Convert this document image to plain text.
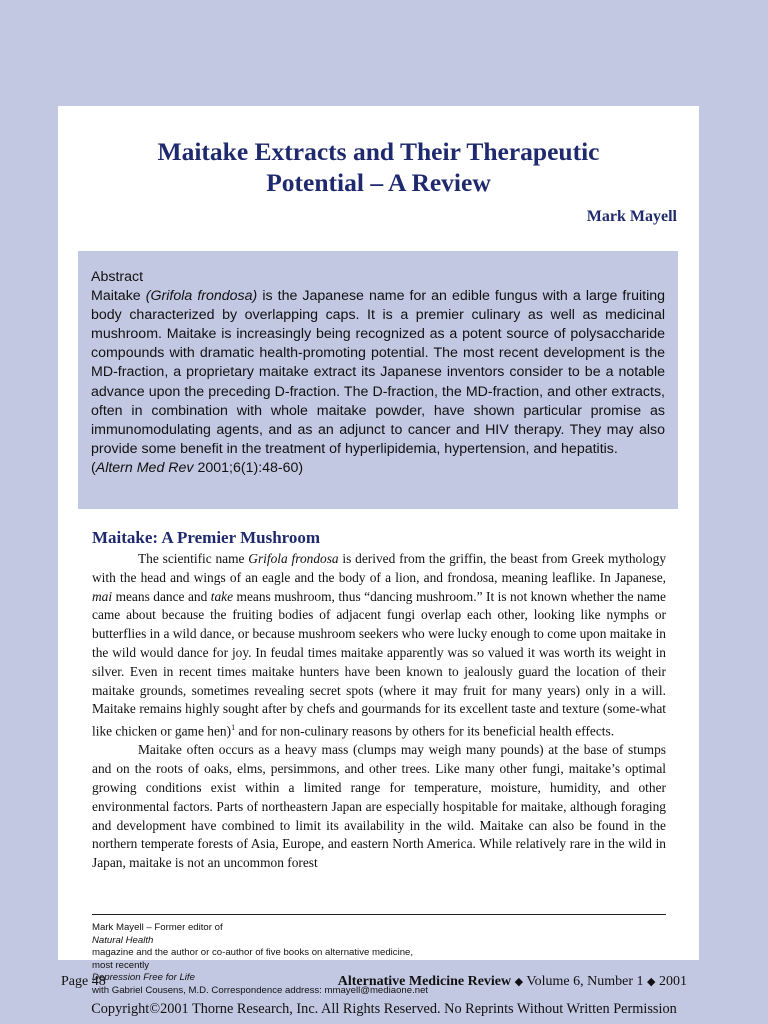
Maitake Extracts and Their Therapeutic
Potential – A Review

Mark Mayell

Abstract
Maitake (Grifola frondosa) is the Japanese name for an edible fungus with a large fruiting body characterized by overlapping caps. It is a premier culinary as well as medicinal mushroom. Maitake is increasingly being recognized as a potent source of polysaccharide compounds with dramatic health-promoting potential. The most recent development is the MD-fraction, a proprietary maitake extract its Japanese inventors consider to be a notable advance upon the preceding D-fraction. The D-fraction, the MD-fraction, and other extracts, often in combination with whole maitake powder, have shown particular promise as immunomodulating agents, and as an adjunct to cancer and HIV therapy. They may also provide some benefit in the treatment of hyperlipidemia, hypertension, and hepatitis.
(Altern Med Rev 2001;6(1):48-60)
Maitake: A Premier Mushroom

The scientific name Grifola frondosa is derived from the griffin, the beast from Greek mythology with the head and wings of an eagle and the body of a lion, and frondosa, meaning leaflike. In Japanese, mai means dance and take means mushroom, thus “dancing mushroom.” It is not known whether the name came about because the fruiting bodies of adjacent fungi overlap each other, looking like nymphs or butterflies in a wild dance, or because mushroom seekers who were lucky enough to come upon maitake in the wild would dance for joy. In feudal times maitake apparently was so valued it was worth its weight in silver. Even in recent times maitake hunters have been known to jealously guard the location of their maitake grounds, sometimes revealing secret spots (where it may fruit for many years) only in a will. Maitake remains highly sought after by chefs and gourmands for its excellent taste and texture (some-what like chicken or game hen)$^1$ and for non-culinary reasons by others for its beneficial health effects.

Maitake often occurs as a heavy mass (clumps may weigh many pounds) at the base of stumps and on the roots of oaks, elms, persimmons, and other trees. Like many other fungi, maitake’s optimal growing conditions exist within a limited range for temperature, moisture, humidity, and other environmental factors. Parts of northeastern Japan are especially hospitable for maitake, although foraging and development have combined to limit its availability in the wild. Maitake can also be found in the northern temperate forests of Asia, Europe, and eastern North America. While relatively rare in the wild in Japan, maitake is not an uncommon forest

Mark Mayell – Former editor of
Natural Health
magazine and the author or co-author of five books on alternative medicine,
most recently
Depression Free for Life
with Gabriel Cousens, M.D. Correspondence address: mmayell@mediaone.net
Page 48	Alternative Medicine Review ◆ Volume 6, Number 1 ◆ 2001
Copyright©2001 Thorne Research, Inc. All Rights Reserved. No Reprints Without Written Permission
